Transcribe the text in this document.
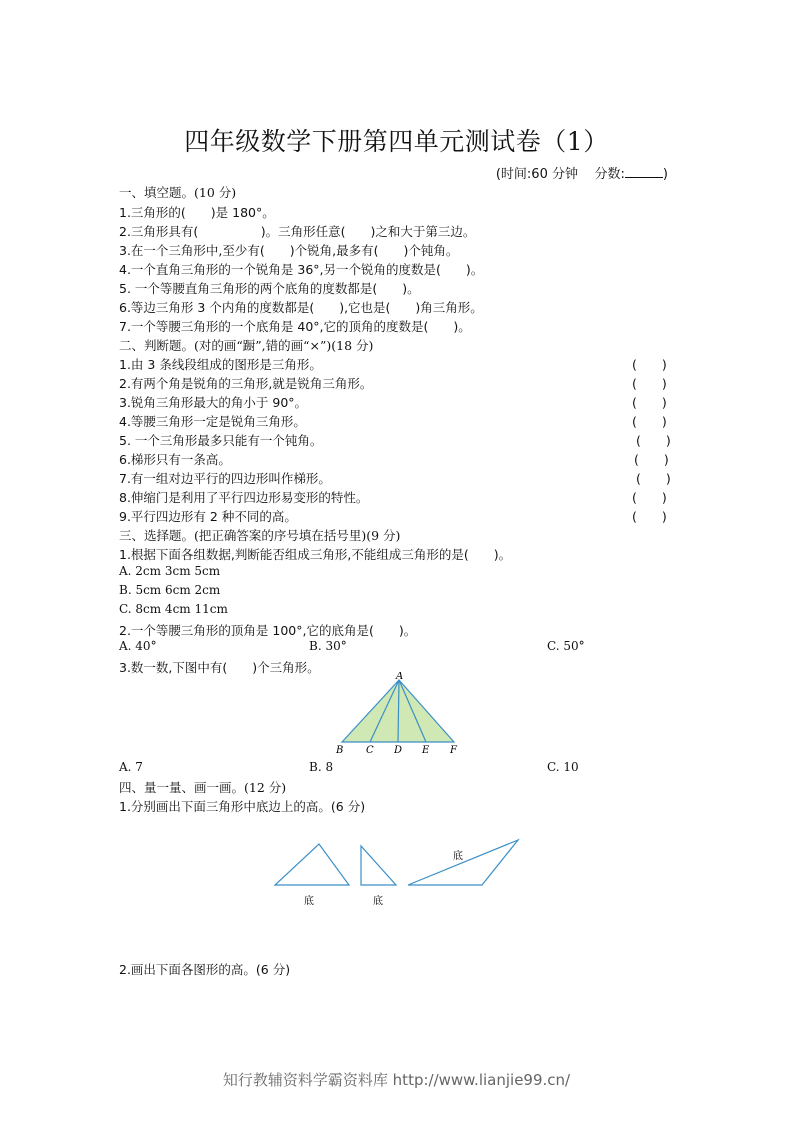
四年级数学下册第四单元测试卷（1）
(时间:60 分钟 分数:	)
一、填空题。(10 分)
1.三角形的(　　)是 180°。
2.三角形具有(　　　　　)。三角形任意(　　)之和大于第三边。
3.在一个三角形中,至少有(　　)个锐角,最多有(　　)个钝角。
4.一个直角三角形的一个锐角是 36°,另一个锐角的度数是(　　)。
5. 一个等腰直角三角形的两个底角的度数都是(　　)。
6.等边三角形 3 个内角的度数都是(　　),它也是(　　)角三角形。
7.一个等腰三角形的一个底角是 40°,它的顶角的度数是(　　)。
二、判断题。(对的画“蹰”,错的画“×”)(18 分)
1.由 3 条线段组成的图形是三角形。	(　　)
2.有两个角是锐角的三角形,就是锐角三角形。	(　　)
3.锐角三角形最大的角小于 90°。	(　　)
4.等腰三角形一定是锐角三角形。	(　　)
5. 一个三角形最多只能有一个钝角。	(　　)
6.梯形只有一条高。	(　　)
7.有一组对边平行的四边形叫作梯形。	(　　)
8.伸缩门是利用了平行四边形易变形的特性。	(　　)
9.平行四边形有 2 种不同的高。	(　　)
三、选择题。(把正确答案的序号填在括号里)(9 分)
1.根据下面各组数据,判断能否组成三角形,不能组成三角形的是(　　)。
A. 2cm 3cm 5cm
B. 5cm 6cm 2cm
C. 8cm 4cm 11cm
2.一个等腰三角形的顶角是 100°,它的底角是(　　)。
A. 40°	B. 30°	C. 50°
3.数一数,下图中有(　　)个三角形。
A
B C D E F
A. 7	B. 8	C. 10
四、量一量、画一画。(12 分)
1.分别画出下面三角形中底边上的高。(6 分)
底	底
底
2.画出下面各图形的高。(6 分)
知行教辅资料学霸资料库 http://www.lianjie99.cn/
